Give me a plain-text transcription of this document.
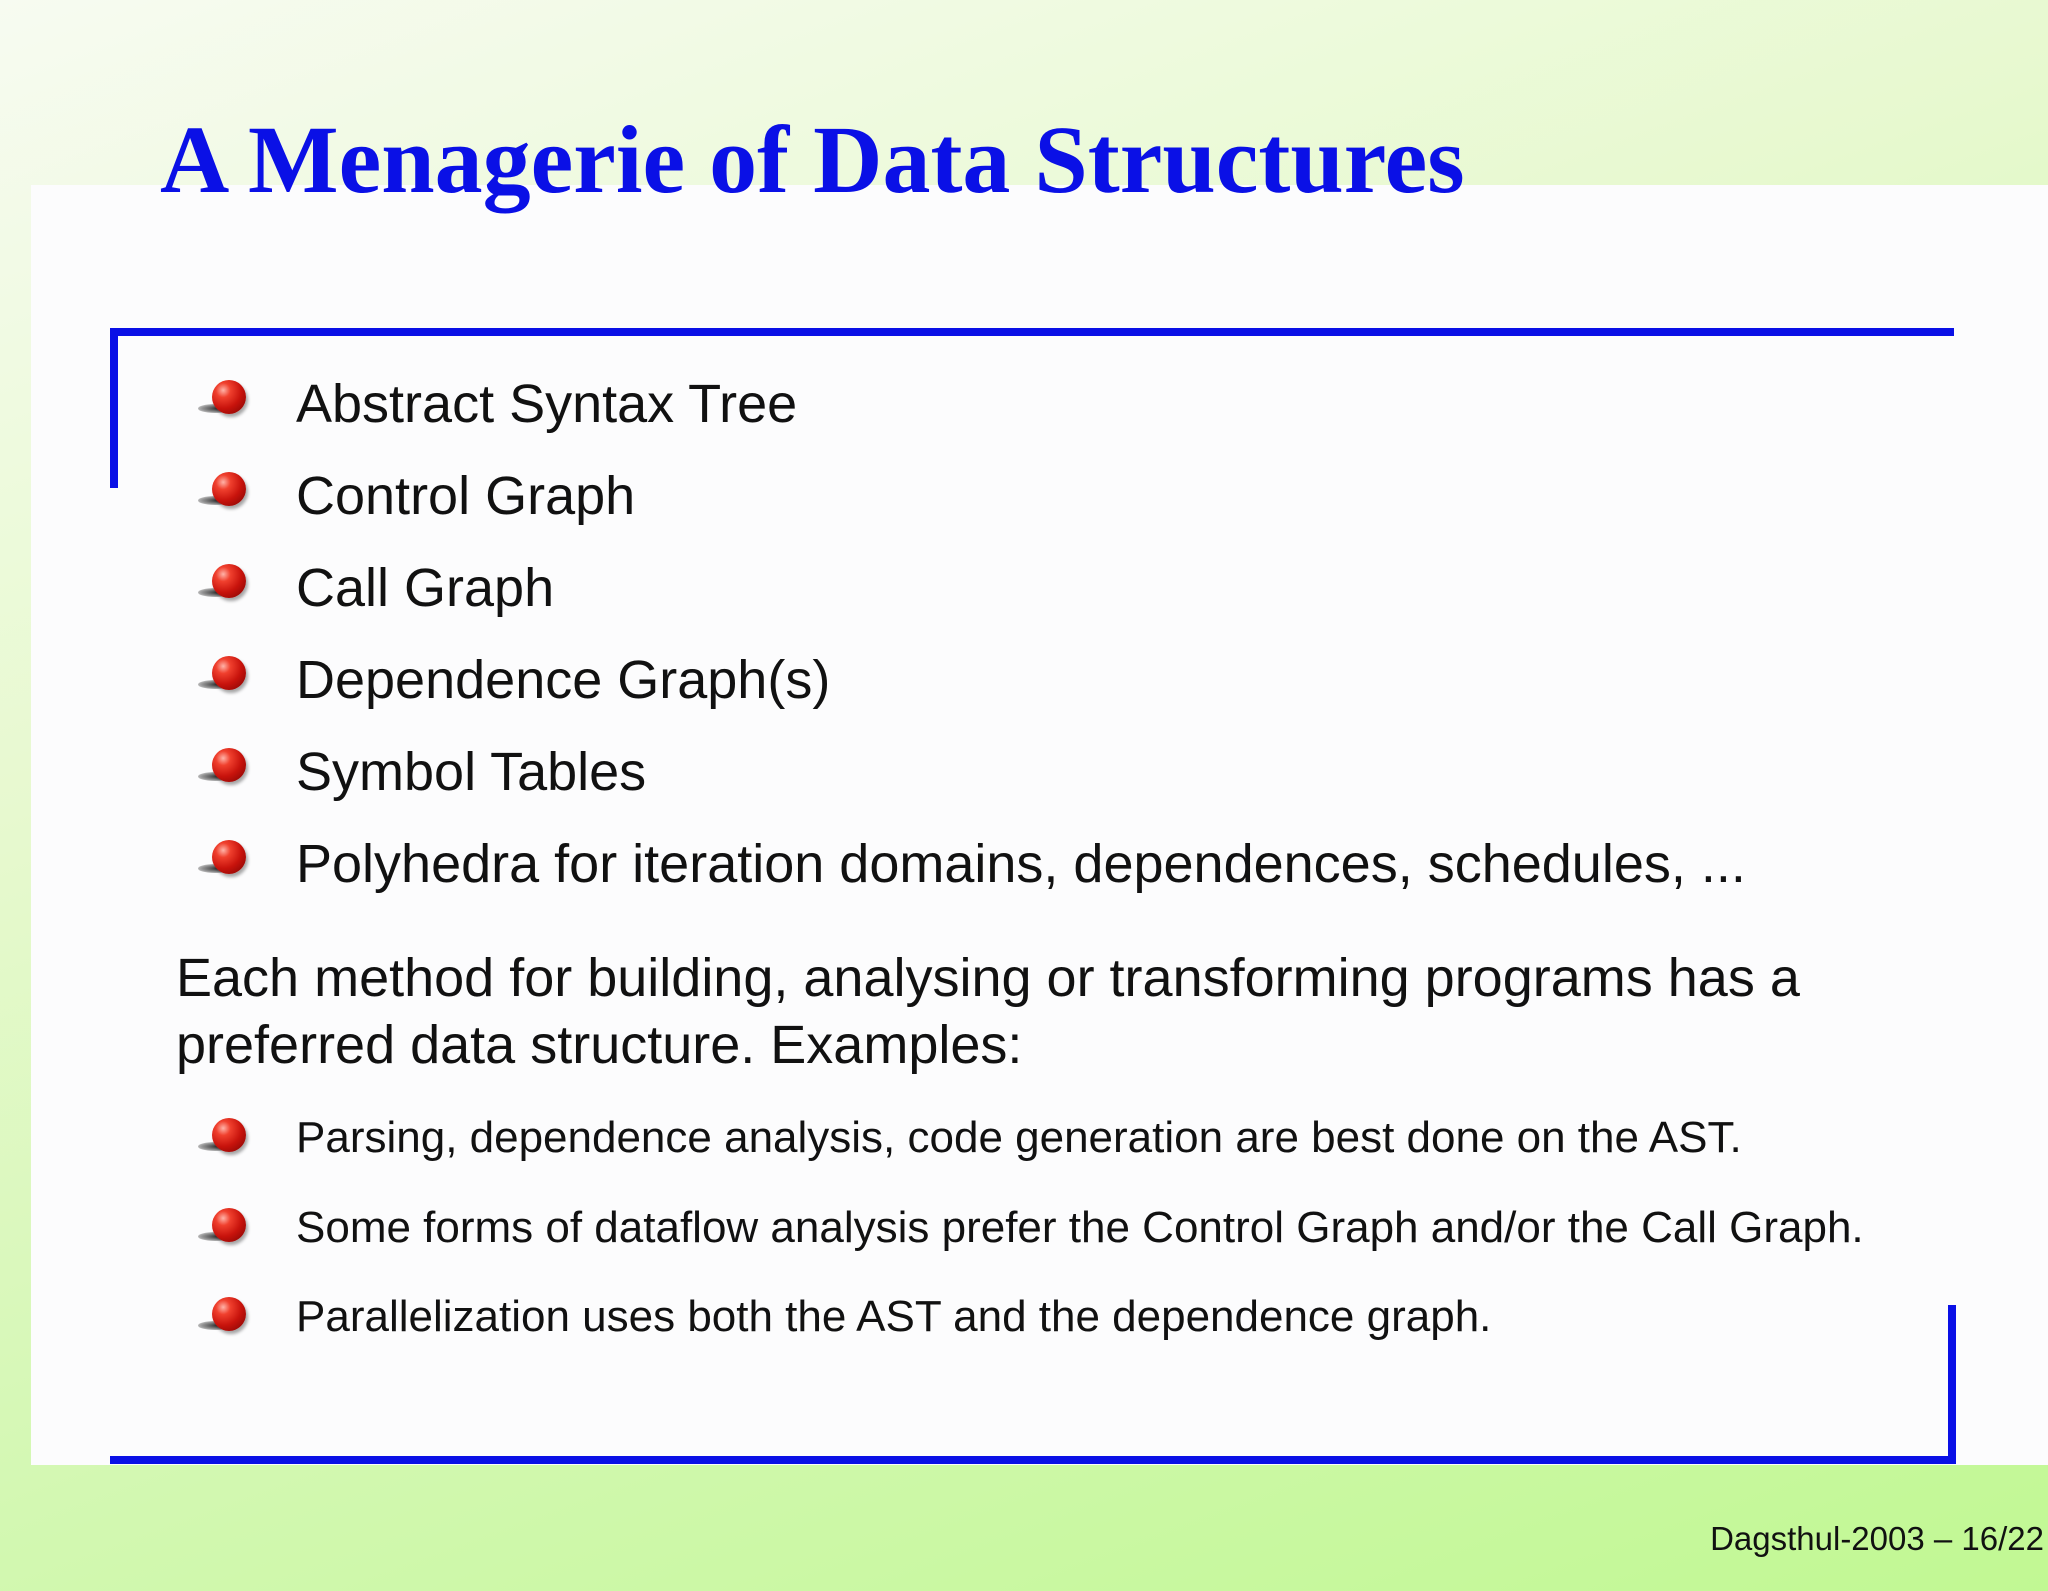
A Menagerie of Data Structures
Abstract Syntax Tree
Control Graph
Call Graph
Dependence Graph(s)
Symbol Tables
Polyhedra for iteration domains, dependences, schedules, ...

Each method for building, analysing or transforming programs has a
preferred data structure. Examples:

Parsing, dependence analysis, code generation are best done on the AST.
Some forms of dataflow analysis prefer the Control Graph and/or the Call Graph.
Parallelization uses both the AST and the dependence graph.
Dagsthul-2003 – 16/22
